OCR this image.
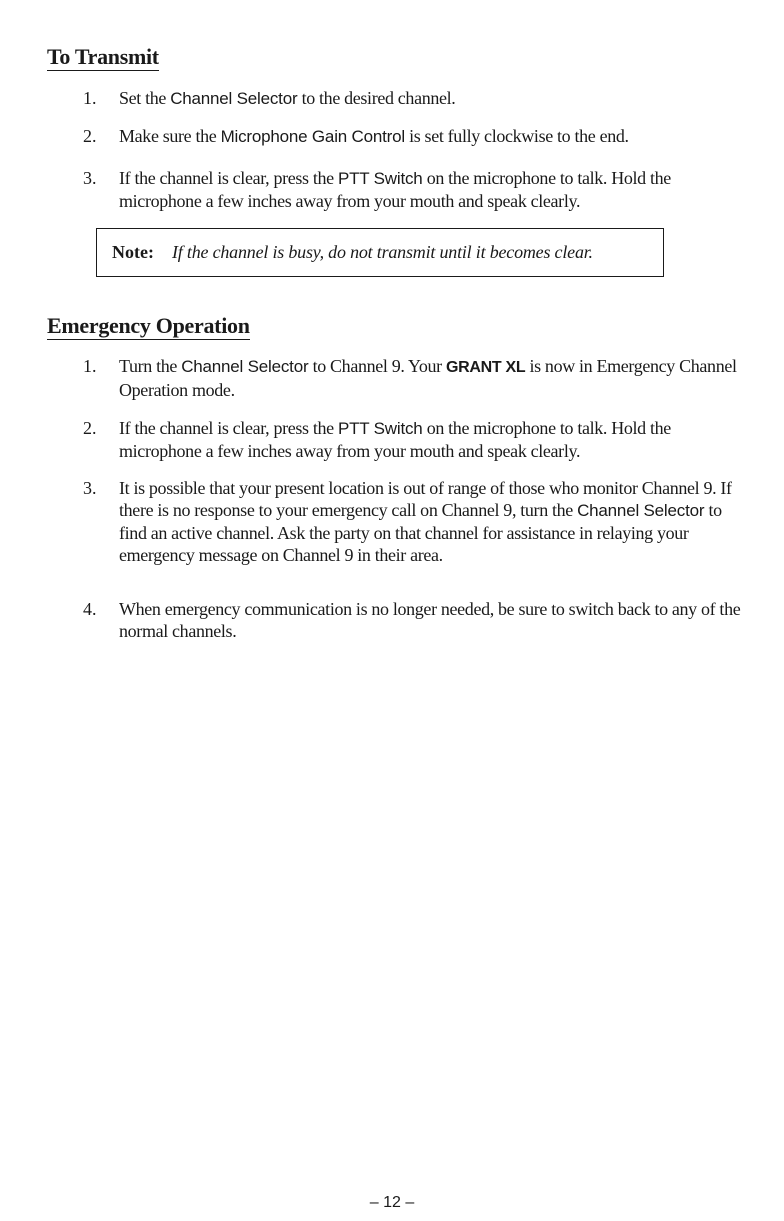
To Transmit
1. Set the Channel Selector to the desired channel.
2. Make sure the Microphone Gain Control is set fully clockwise to the end.
3. If the channel is clear, press the PTT Switch on the microphone to talk. Hold the microphone a few inches away from your mouth and speak clearly.
Note: If the channel is busy, do not transmit until it becomes clear.
Emergency Operation
1. Turn the Channel Selector to Channel 9. Your GRANT XL is now in Emergency Channel Operation mode.
2. If the channel is clear, press the PTT Switch on the microphone to talk. Hold the microphone a few inches away from your mouth and speak clearly.
3. It is possible that your present location is out of range of those who monitor Channel 9. If there is no response to your emergency call on Channel 9, turn the Channel Selector to find an active channel. Ask the party on that channel for assistance in relaying your emergency message on Channel 9 in their area.
4. When emergency communication is no longer needed, be sure to switch back to any of the normal channels.
– 12 –
